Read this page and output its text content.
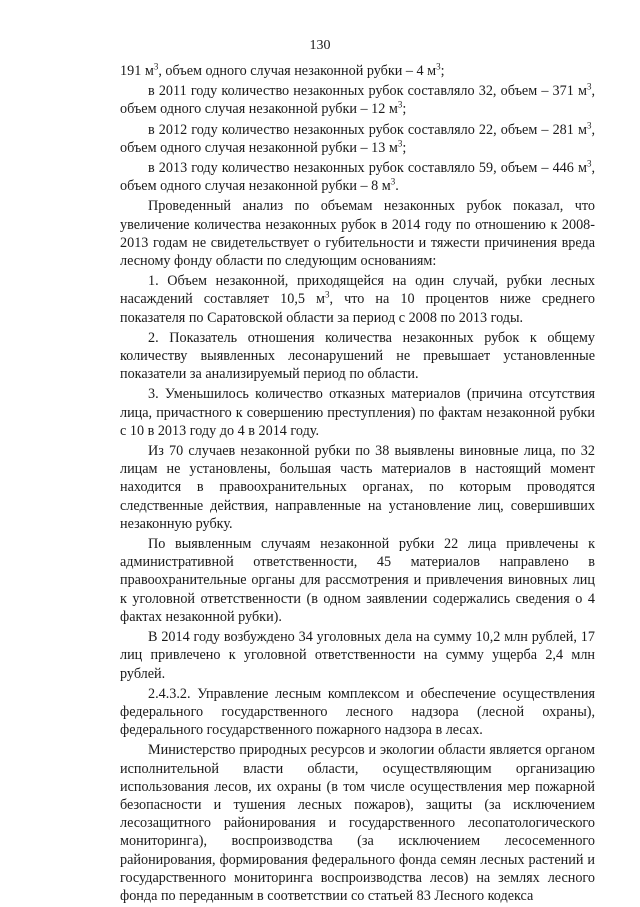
130

191 $м^3$, объем одного случая незаконной рубки – 4 $м^3$;

в 2011 году количество незаконных рубок составляло 32, объем – 371 $м^3$, объем одного случая незаконной рубки – 12 $м^3$;

в 2012 году количество незаконных рубок составляло 22, объем – 281 $м^3$, объем одного случая незаконной рубки – 13 $м^3$;

в 2013 году количество незаконных рубок составляло 59, объем – 446 $м^3$, объем одного случая незаконной рубки – 8 $м^3$.

Проведенный анализ по объемам незаконных рубок показал, что увеличение количества незаконных рубок в 2014 году по отношению к 2008-2013 годам не свидетельствует о губительности и тяжести причинения вреда лесному фонду области по следующим основаниям:

1. Объем незаконной, приходящейся на один случай, рубки лесных насаждений составляет 10,5 $м^3$, что на 10 процентов ниже среднего показателя по Саратовской области за период с 2008 по 2013 годы.

2. Показатель отношения количества незаконных рубок к общему количеству выявленных лесонарушений не превышает установленные показатели за анализируемый период по области.

3. Уменьшилось количество отказных материалов (причина отсутствия лица, причастного к совершению преступления) по фактам незаконной рубки с 10 в 2013 году до 4 в 2014 году.

Из 70 случаев незаконной рубки по 38 выявлены виновные лица, по 32 лицам не установлены, большая часть материалов в настоящий момент находится в правоохранительных органах, по которым проводятся следственные действия, направленные на установление лиц, совершивших незаконную рубку.

По выявленным случаям незаконной рубки 22 лица привлечены к административной ответственности, 45 материалов направлено в правоохранительные органы для рассмотрения и привлечения виновных лиц к уголовной ответственности (в одном заявлении содержались сведения о 4 фактах незаконной рубки).

В 2014 году возбуждено 34 уголовных дела на сумму 10,2 млн рублей, 17 лиц привлечено к уголовной ответственности на сумму ущерба 2,4 млн рублей.

2.4.3.2. Управление лесным комплексом и обеспечение осуществления федерального государственного лесного надзора (лесной охраны), федерального государственного пожарного надзора в лесах.

Министерство природных ресурсов и экологии области является органом исполнительной власти области, осуществляющим организацию использования лесов, их охраны (в том числе осуществления мер пожарной безопасности и тушения лесных пожаров), защиты (за исключением лесозащитного районирования и государственного лесопатологического мониторинга), воспроизводства (за исключением лесосеменного районирования, формирования федерального фонда семян лесных растений и государственного мониторинга воспроизводства лесов) на землях лесного фонда по переданным в соответствии со статьей 83 Лесного кодекса
